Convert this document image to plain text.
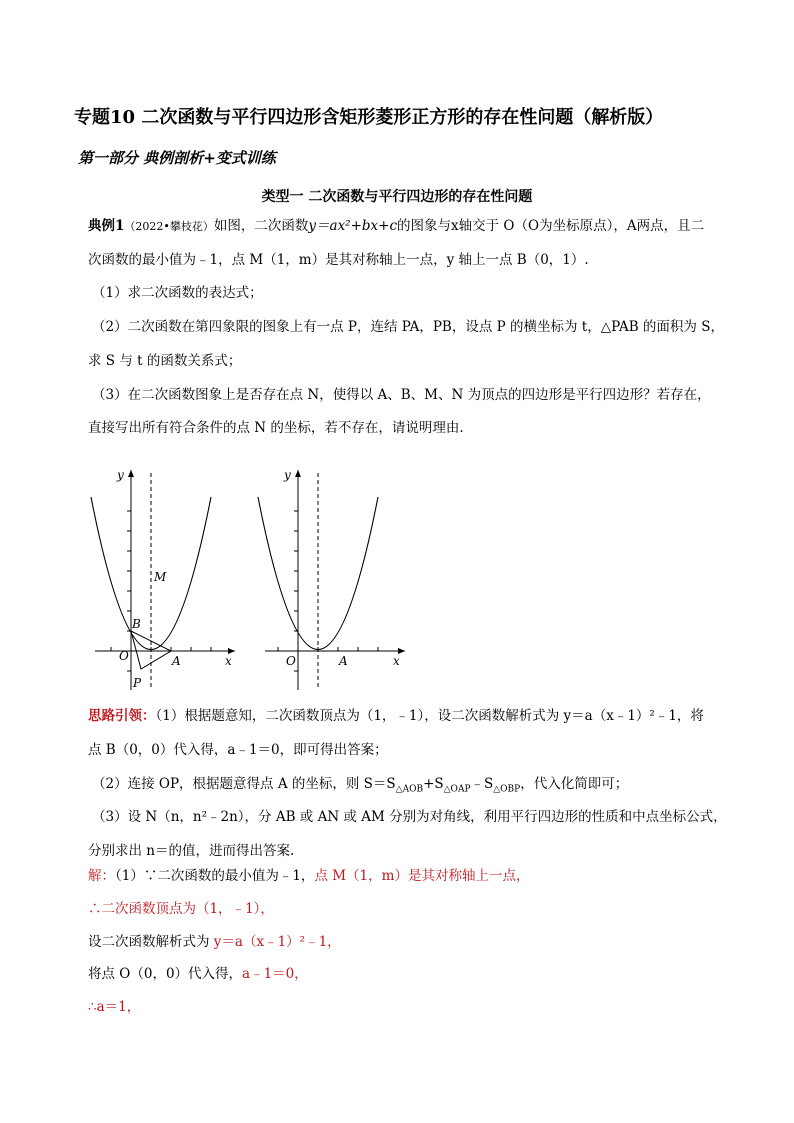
专题10 二次函数与平行四边形含矩形菱形正方形的存在性问题（解析版）
第一部分 典例剖析+变式训练
类型一 二次函数与平行四边形的存在性问题
典例1（2022•攀枝花）如图，二次函数y＝ax²+bx+c的图象与x轴交于 O（O为坐标原点），A两点，且二
次函数的最小值为﹣1，点 M（1，m）是其对称轴上一点，y 轴上一点 B（0，1）.
（1）求二次函数的表达式；
（2）二次函数在第四象限的图象上有一点 P，连结 PA，PB，设点 P 的横坐标为 t，△PAB 的面积为 S，
求 S 与 t 的函数关系式；
（3）在二次函数图象上是否存在点 N，使得以 A、B、M、N 为顶点的四边形是平行四边形？若存在，
直接写出所有符合条件的点 N 的坐标，若不存在，请说明理由.
O	A
B
M
P
y
x	O	A
y
x
思路引领：（1）根据题意知，二次函数顶点为（1，﹣1），设二次函数解析式为 y＝a（x﹣1）²﹣1，将
点 B（0，0）代入得，a﹣1＝0，即可得出答案；
（2）连接 OP，根据题意得点 A 的坐标，则 $S=S_{\triangle AOB}+S_{\triangle OAP}﹣S_{\triangle OBP}$，代入化简即可；
（3）设 N（n，n²﹣2n），分 AB 或 AN 或 AM 分别为对角线，利用平行四边形的性质和中点坐标公式，
分别求出 n＝的值，进而得出答案.
解：（1）∵二次函数的最小值为﹣1，点 M（1，m）是其对称轴上一点，
∴二次函数顶点为（1，﹣1），
设二次函数解析式为 y＝a（x﹣1）²﹣1，
将点 O（0，0）代入得，a﹣1＝0，
∴a＝1，
